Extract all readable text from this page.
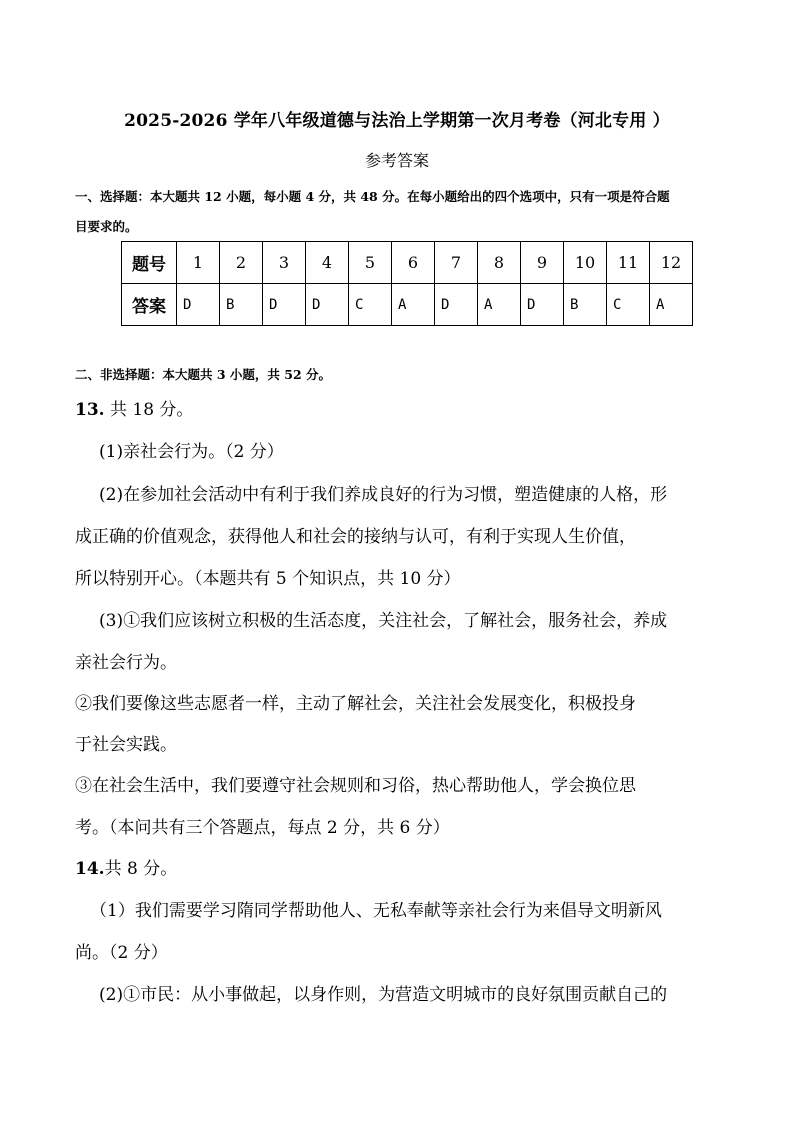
2025-2026 学年八年级道德与法治上学期第一次月考卷（河北专用 ）
参考答案
一、选择题：本大题共 12 小题，每小题 4 分，共 48 分。在每小题给出的四个选项中，只有一项是符合题
目要求的。
题号	1	2	3	4	5	6	7	8	9	10	11	12
答案	D	B	D	D	C	A	D	A	D	B	C	A
二、非选择题：本大题共 3 小题，共 52 分。
13. 共 18 分。
(1)亲社会行为。（2 分）
(2)在参加社会活动中有利于我们养成良好的行为习惯，塑造健康的人格，形
成正确的价值观念，获得他人和社会的接纳与认可，有利于实现人生价值，
所以特别开心。（本题共有 5 个知识点，共 10 分）
(3)①我们应该树立积极的生活态度，关注社会，了解社会，服务社会，养成
亲社会行为。
②我们要像这些志愿者一样，主动了解社会，关注社会发展变化，积极投身
于社会实践。
③在社会生活中，我们要遵守社会规则和习俗，热心帮助他人，学会换位思
考。（本问共有三个答题点，每点 2 分，共 6 分）
14.共 8 分。
（1）我们需要学习隋同学帮助他人、无私奉献等亲社会行为来倡导文明新风
尚。（2 分）
(2)①市民：从小事做起，以身作则，为营造文明城市的良好氛围贡献自己的
